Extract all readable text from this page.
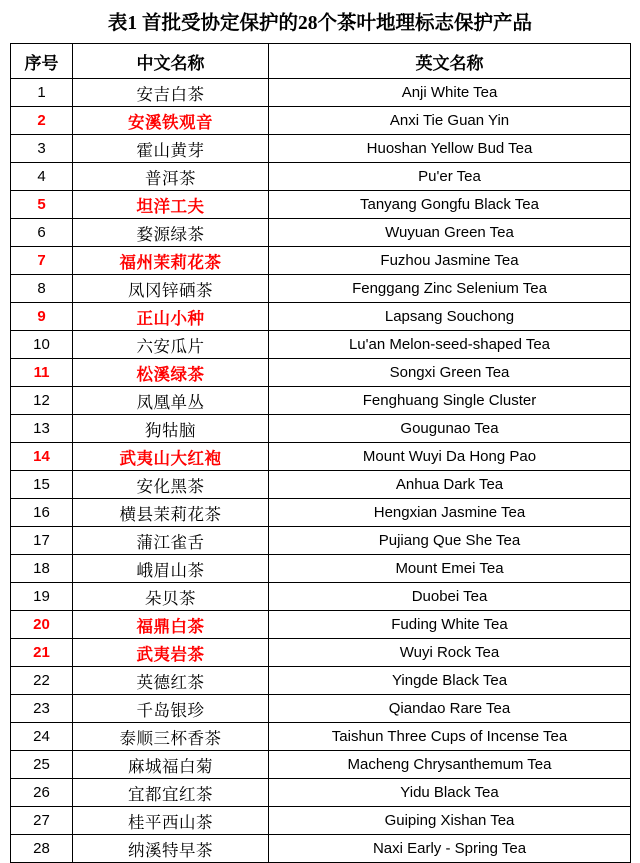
表1 首批受协定保护的28个茶叶地理标志保护产品
序号	中文名称	英文名称
1	安吉白茶	Anji White Tea
2	安溪铁观音	Anxi Tie Guan Yin
3	霍山黄芽	Huoshan Yellow Bud Tea
4	普洱茶	Pu'er Tea
5	坦洋工夫	Tanyang Gongfu Black Tea
6	婺源绿茶	Wuyuan Green Tea
7	福州茉莉花茶	Fuzhou Jasmine Tea
8	凤冈锌硒茶	Fenggang Zinc Selenium Tea
9	正山小种	Lapsang Souchong
10	六安瓜片	Lu'an Melon-seed-shaped Tea
11	松溪绿茶	Songxi Green Tea
12	凤凰单丛	Fenghuang Single Cluster
13	狗牯脑	Gougunao Tea
14	武夷山大红袍	Mount Wuyi Da Hong Pao
15	安化黑茶	Anhua Dark Tea
16	横县茉莉花茶	Hengxian Jasmine Tea
17	蒲江雀舌	Pujiang Que She Tea
18	峨眉山茶	Mount Emei Tea
19	朵贝茶	Duobei Tea
20	福鼎白茶	Fuding White Tea
21	武夷岩茶	Wuyi Rock Tea
22	英德红茶	Yingde Black Tea
23	千岛银珍	Qiandao Rare Tea
24	泰顺三杯香茶	Taishun Three Cups of Incense Tea
25	麻城福白菊	Macheng Chrysanthemum Tea
26	宜都宜红茶	Yidu Black Tea
27	桂平西山茶	Guiping Xishan Tea
28	纳溪特早茶	Naxi Early - Spring Tea
